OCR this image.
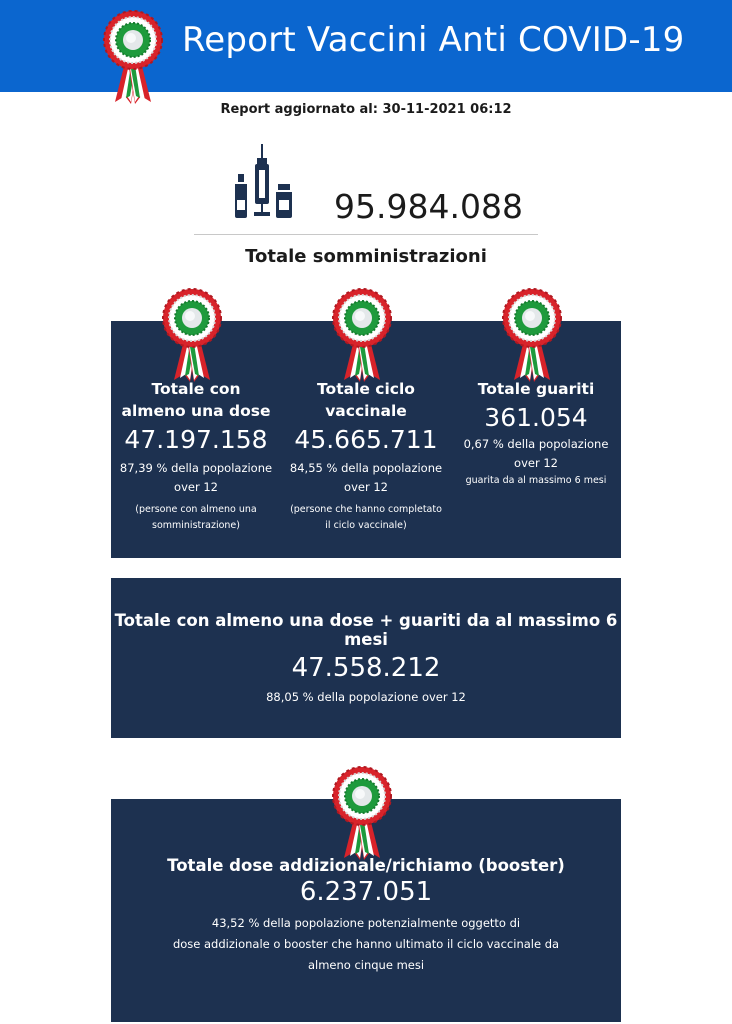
Report Vaccini Anti COVID-19
Report aggiornato al: 30-11-2021 06:12
95.984.088
Totale somministrazioni
Totale con
almeno una dose
47.197.158
87,39 % della popolazione
over 12
(persone con almeno una
somministrazione)
Totale ciclo
vaccinale
45.665.711
84,55 % della popolazione
over 12
(persone che hanno completato
il ciclo vaccinale)
Totale guariti
361.054
0,67 % della popolazione
over 12
guarita da al massimo 6 mesi
Totale con almeno una dose + guariti da al massimo 6 mesi
47.558.212
88,05 % della popolazione over 12
Totale dose addizionale/richiamo (booster)
6.237.051
43,52 % della popolazione potenzialmente oggetto di
dose addizionale o booster che hanno ultimato il ciclo vaccinale da
almeno cinque mesi
